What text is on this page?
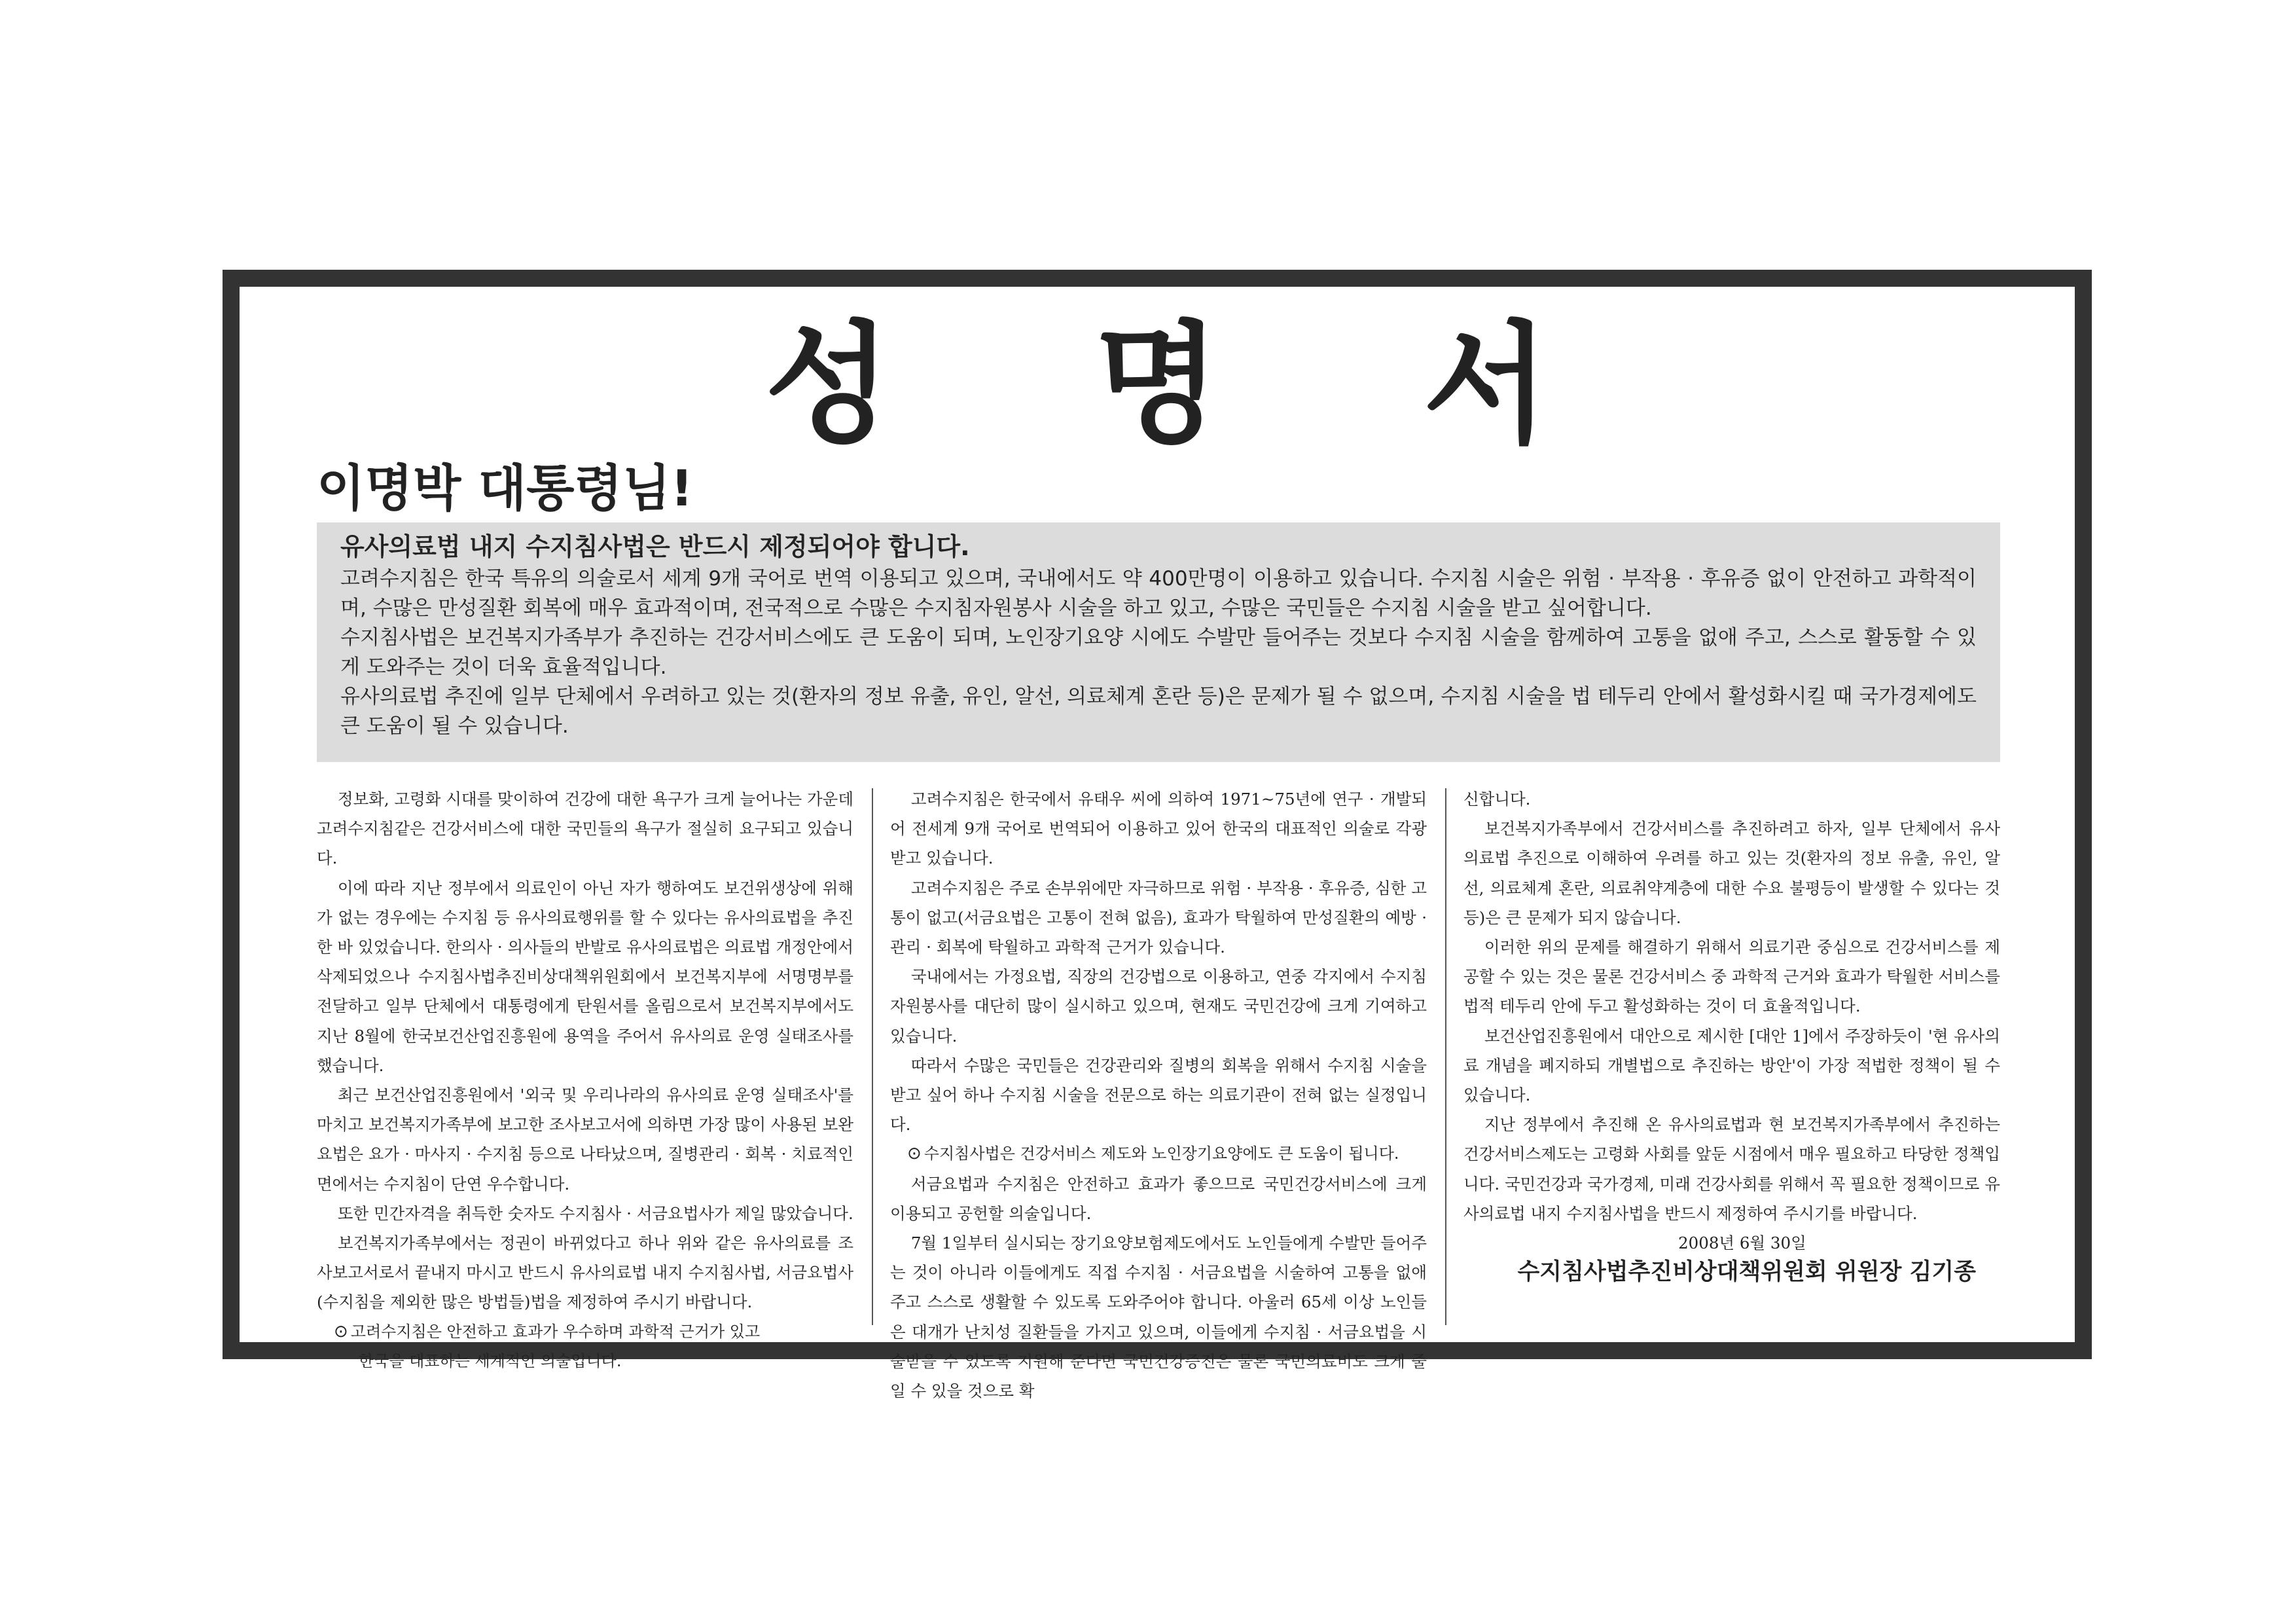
성 명 서
이명박 대통령님!
유사의료법 내지 수지침사법은 반드시 제정되어야 합니다.

고려수지침은 한국 특유의 의술로서 세계 9개 국어로 번역 이용되고 있으며, 국내에서도 약 400만명이 이용하고 있습니다. 수지침 시술은 위험 · 부작용 · 후유증 없이 안전하고 과학적이며, 수많은 만성질환 회복에 매우 효과적이며, 전국적으로 수많은 수지침자원봉사 시술을 하고 있고, 수많은 국민들은 수지침 시술을 받고 싶어합니다.

수지침사법은 보건복지가족부가 추진하는 건강서비스에도 큰 도움이 되며, 노인장기요양 시에도 수발만 들어주는 것보다 수지침 시술을 함께하여 고통을 없애 주고, 스스로 활동할 수 있게 도와주는 것이 더욱 효율적입니다.

유사의료법 추진에 일부 단체에서 우려하고 있는 것(환자의 정보 유출, 유인, 알선, 의료체계 혼란 등)은 문제가 될 수 없으며, 수지침 시술을 법 테두리 안에서 활성화시킬 때 국가경제에도 큰 도움이 될 수 있습니다.

정보화, 고령화 시대를 맞이하여 건강에 대한 욕구가 크게 늘어나는 가운데 고려수지침같은 건강서비스에 대한 국민들의 욕구가 절실히 요구되고 있습니다.

이에 따라 지난 정부에서 의료인이 아닌 자가 행하여도 보건위생상에 위해가 없는 경우에는 수지침 등 유사의료행위를 할 수 있다는 유사의료법을 추진한 바 있었습니다. 한의사 · 의사들의 반발로 유사의료법은 의료법 개정안에서 삭제되었으나 수지침사법추진비상대책위원회에서 보건복지부에 서명명부를 전달하고 일부 단체에서 대통령에게 탄원서를 올림으로서 보건복지부에서도 지난 8월에 한국보건산업진흥원에 용역을 주어서 유사의료 운영 실태조사를 했습니다.

최근 보건산업진흥원에서 '외국 및 우리나라의 유사의료 운영 실태조사'를 마치고 보건복지가족부에 보고한 조사보고서에 의하면 가장 많이 사용된 보완요법은 요가 · 마사지 · 수지침 등으로 나타났으며, 질병관리 · 회복 · 치료적인 면에서는 수지침이 단연 우수합니다.

또한 민간자격을 취득한 숫자도 수지침사 · 서금요법사가 제일 많았습니다.

보건복지가족부에서는 정권이 바뀌었다고 하나 위와 같은 유사의료를 조사보고서로서 끝내지 마시고 반드시 유사의료법 내지 수지침사법, 서금요법사(수지침을 제외한 많은 방법들)법을 제정하여 주시기 바랍니다.

⊙ 고려수지침은 안전하고 효과가 우수하며 과학적 근거가 있고

한국을 대표하는 세계적인 의술입니다.

고려수지침은 한국에서 유태우 씨에 의하여 1971~75년에 연구 · 개발되어 전세계 9개 국어로 번역되어 이용하고 있어 한국의 대표적인 의술로 각광받고 있습니다.

고려수지침은 주로 손부위에만 자극하므로 위험 · 부작용 · 후유증, 심한 고통이 없고(서금요법은 고통이 전혀 없음), 효과가 탁월하여 만성질환의 예방 · 관리 · 회복에 탁월하고 과학적 근거가 있습니다.

국내에서는 가정요법, 직장의 건강법으로 이용하고, 연중 각지에서 수지침자원봉사를 대단히 많이 실시하고 있으며, 현재도 국민건강에 크게 기여하고 있습니다.

따라서 수많은 국민들은 건강관리와 질병의 회복을 위해서 수지침 시술을 받고 싶어 하나 수지침 시술을 전문으로 하는 의료기관이 전혀 없는 실정입니다.

⊙ 수지침사법은 건강서비스 제도와 노인장기요양에도 큰 도움이 됩니다.

서금요법과 수지침은 안전하고 효과가 좋으므로 국민건강서비스에 크게 이용되고 공헌할 의술입니다.

7월 1일부터 실시되는 장기요양보험제도에서도 노인들에게 수발만 들어주는 것이 아니라 이들에게도 직접 수지침 · 서금요법을 시술하여 고통을 없애 주고 스스로 생활할 수 있도록 도와주어야 합니다. 아울러 65세 이상 노인들은 대개가 난치성 질환들을 가지고 있으며, 이들에게 수지침 · 서금요법을 시술받을 수 있도록 지원해 준다면 국민건강증진은 물론 국민의료비도 크게 줄일 수 있을 것으로 확

신합니다.

보건복지가족부에서 건강서비스를 추진하려고 하자, 일부 단체에서 유사의료법 추진으로 이해하여 우려를 하고 있는 것(환자의 정보 유출, 유인, 알선, 의료체계 혼란, 의료취약계층에 대한 수요 불평등이 발생할 수 있다는 것 등)은 큰 문제가 되지 않습니다.

이러한 위의 문제를 해결하기 위해서 의료기관 중심으로 건강서비스를 제공할 수 있는 것은 물론 건강서비스 중 과학적 근거와 효과가 탁월한 서비스를 법적 테두리 안에 두고 활성화하는 것이 더 효율적입니다.

보건산업진흥원에서 대안으로 제시한 [대안 1]에서 주장하듯이 '현 유사의료 개념을 폐지하되 개별법으로 추진하는 방안'이 가장 적법한 정책이 될 수 있습니다.

지난 정부에서 추진해 온 유사의료법과 현 보건복지가족부에서 추진하는 건강서비스제도는 고령화 사회를 앞둔 시점에서 매우 필요하고 타당한 정책입니다. 국민건강과 국가경제, 미래 건강사회를 위해서 꼭 필요한 정책이므로 유사의료법 내지 수지침사법을 반드시 제정하여 주시기를 바랍니다.

2008년 6월 30일

수지침사법추진비상대책위원회 위원장 김기종
